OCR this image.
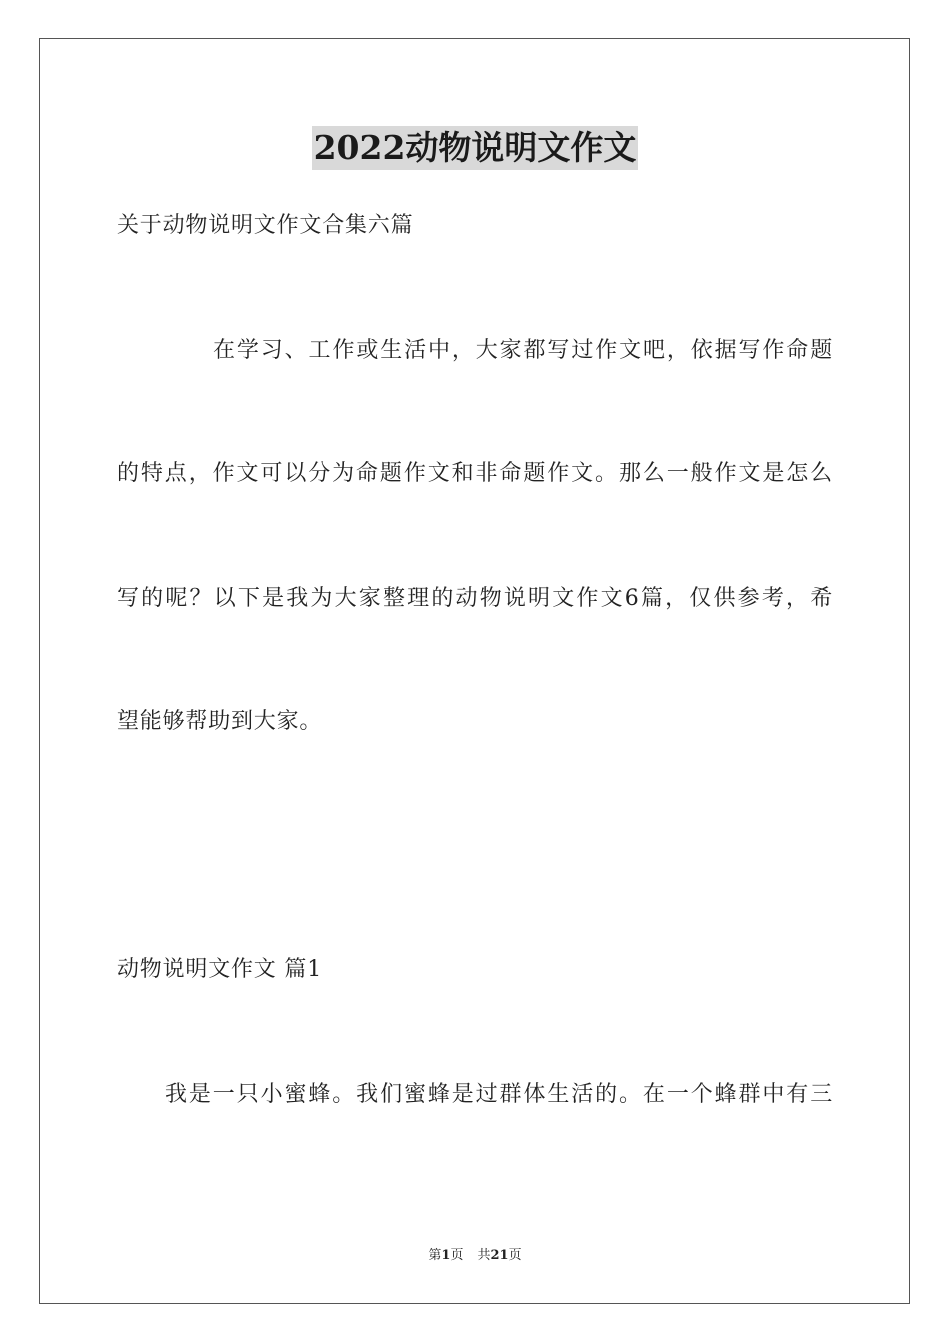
2022动物说明文作文
关于动物说明文作文合集六篇
在学习、工作或生活中，大家都写过作文吧，依据写作命题
的特点，作文可以分为命题作文和非命题作文。那么一般作文是怎么
写的呢？以下是我为大家整理的动物说明文作文6篇，仅供参考，希
望能够帮助到大家。
动物说明文作文 篇1
我是一只小蜜蜂。我们蜜蜂是过群体生活的。在一个蜂群中有三
第1页 共21页
